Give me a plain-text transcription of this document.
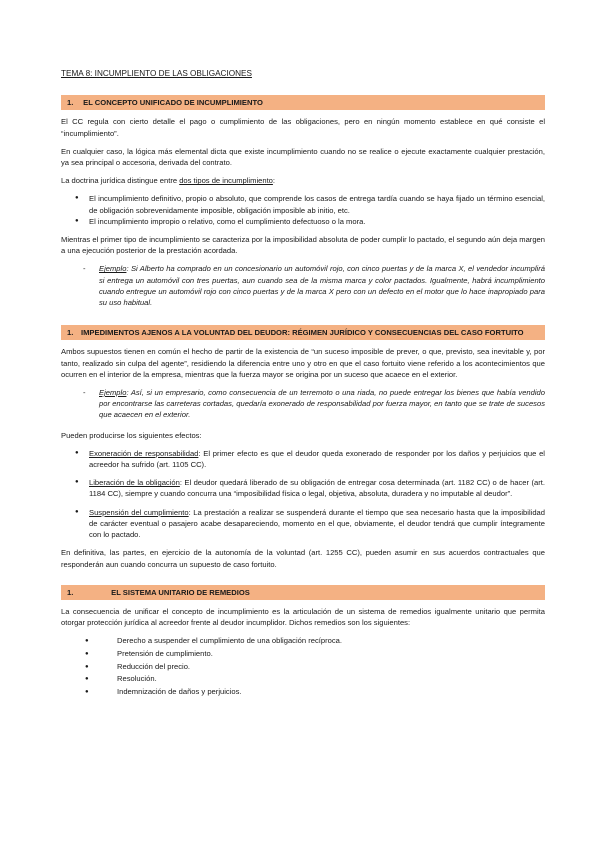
TEMA 8: INCUMPLIENTO DE LAS OBLIGACIONES
1. EL CONCEPTO UNIFICADO DE INCUMPLIMIENTO

El CC regula con cierto detalle el pago o cumplimiento de las obligaciones, pero en ningún momento establece en qué consiste el “incumplimiento”.

En cualquier caso, la lógica más elemental dicta que existe incumplimiento cuando no se realice o ejecute exactamente cualquier prestación, ya sea principal o accesoria, derivada del contrato.

La doctrina jurídica distingue entre dos tipos de incumplimiento:

● El incumplimiento definitivo, propio o absoluto, que comprende los casos de entrega tardía cuando se haya fijado un término esencial, de obligación sobrevenidamente imposible, obligación imposible ab initio, etc.
● El incumplimiento impropio o relativo, como el cumplimiento defectuoso o la mora.

Mientras el primer tipo de incumplimiento se caracteriza por la imposibilidad absoluta de poder cumplir lo pactado, el segundo aún deja margen a una ejecución posterior de la prestación acordada.

- Ejemplo: Si Alberto ha comprado en un concesionario un automóvil rojo, con cinco puertas y de la marca X, el vendedor incumplirá si entrega un automóvil con tres puertas, aun cuando sea de la misma marca y color pactados. Igualmente, habrá incumplimiento cuando entregue un automóvil rojo con cinco puertas y de la marca X pero con un defecto en el motor que lo hace inapropiado para su uso habitual.
1.	IMPEDIMENTOS AJENOS A LA VOLUNTAD DEL DEUDOR: RÉGIMEN JURÍDICO Y CONSECUENCIAS DEL CASO FORTUITO

Ambos supuestos tienen en común el hecho de partir de la existencia de “un suceso imposible de prever, o que, previsto, sea inevitable y, por tanto, realizado sin culpa del agente”, residiendo la diferencia entre uno y otro en que el caso fortuito viene referido a los acontecimientos que ocurren en el interior de la empresa, mientras que la fuerza mayor se origina por un suceso que acaece en el exterior.

- Ejemplo: Así, si un empresario, como consecuencia de un terremoto o una riada, no puede entregar los bienes que había vendido por encontrarse las carreteras cortadas, quedaría exonerado de responsabilidad por fuerza mayor, en tanto que se trate de sucesos que acaecen en el exterior.

Pueden producirse los siguientes efectos:

● Exoneración de responsabilidad: El primer efecto es que el deudor queda exonerado de responder por los daños y perjuicios que el acreedor ha sufrido (art. 1105 CC).
● Liberación de la obligación: El deudor quedará liberado de su obligación de entregar cosa determinada (art. 1182 CC) o de hacer (art. 1184 CC), siempre y cuando concurra una “imposibilidad física o legal, objetiva, absoluta, duradera y no imputable al deudor”.
● Suspensión del cumplimiento: La prestación a realizar se suspenderá durante el tiempo que sea necesario hasta que la imposibilidad de carácter eventual o pasajero acabe desapareciendo, momento en el que, obviamente, el deudor tendrá que cumplir íntegramente con lo pactado.

En definitiva, las partes, en ejercicio de la autonomía de la voluntad (art. 1255 CC), pueden asumir en sus acuerdos contractuales que responderán aun cuando concurra un supuesto de caso fortuito.

1.	EL SISTEMA UNITARIO DE REMEDIOS

La consecuencia de unificar el concepto de incumplimiento es la articulación de un sistema de remedios igualmente unitario que permita otorgar protección jurídica al acreedor frente al deudor incumplidor. Dichos remedios son los siguientes:

● Derecho a suspender el cumplimiento de una obligación recíproca.
● Pretensión de cumplimiento.
● Reducción del precio.
● Resolución.
● Indemnización de daños y perjuicios.
